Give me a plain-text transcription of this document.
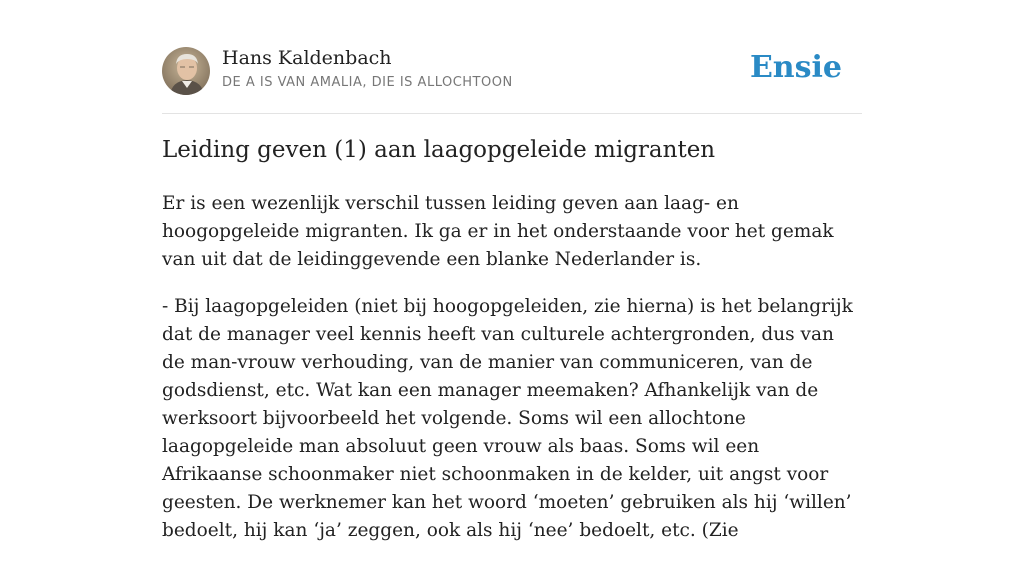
Hans Kaldenbach
DE A IS VAN AMALIA, DIE IS ALLOCHTOON	Ensie
Leiding geven (1) aan laagopgeleide migranten

Er is een wezenlijk verschil tussen leiding geven aan laag- en hoogopgeleide migranten. Ik ga er in het onderstaande voor het gemak van uit dat de leidinggevende een blanke Nederlander is.

- Bij laagopgeleiden (niet bij hoogopgeleiden, zie hierna) is het belangrijk dat de manager veel kennis heeft van culturele achtergronden, dus van de man-vrouw verhouding, van de manier van communiceren, van de godsdienst, etc. Wat kan een manager meemaken? Afhankelijk van de werksoort bijvoorbeeld het volgende. Soms wil een allochtone laagopgeleide man absoluut geen vrouw als baas. Soms wil een Afrikaanse schoonmaker niet schoonmaken in de kelder, uit angst voor geesten. De werknemer kan het woord ‘moeten’ gebruiken als hij ‘willen’ bedoelt, hij kan ‘ja’ zeggen, ook als hij ‘nee’ bedoelt, etc. (Zie
